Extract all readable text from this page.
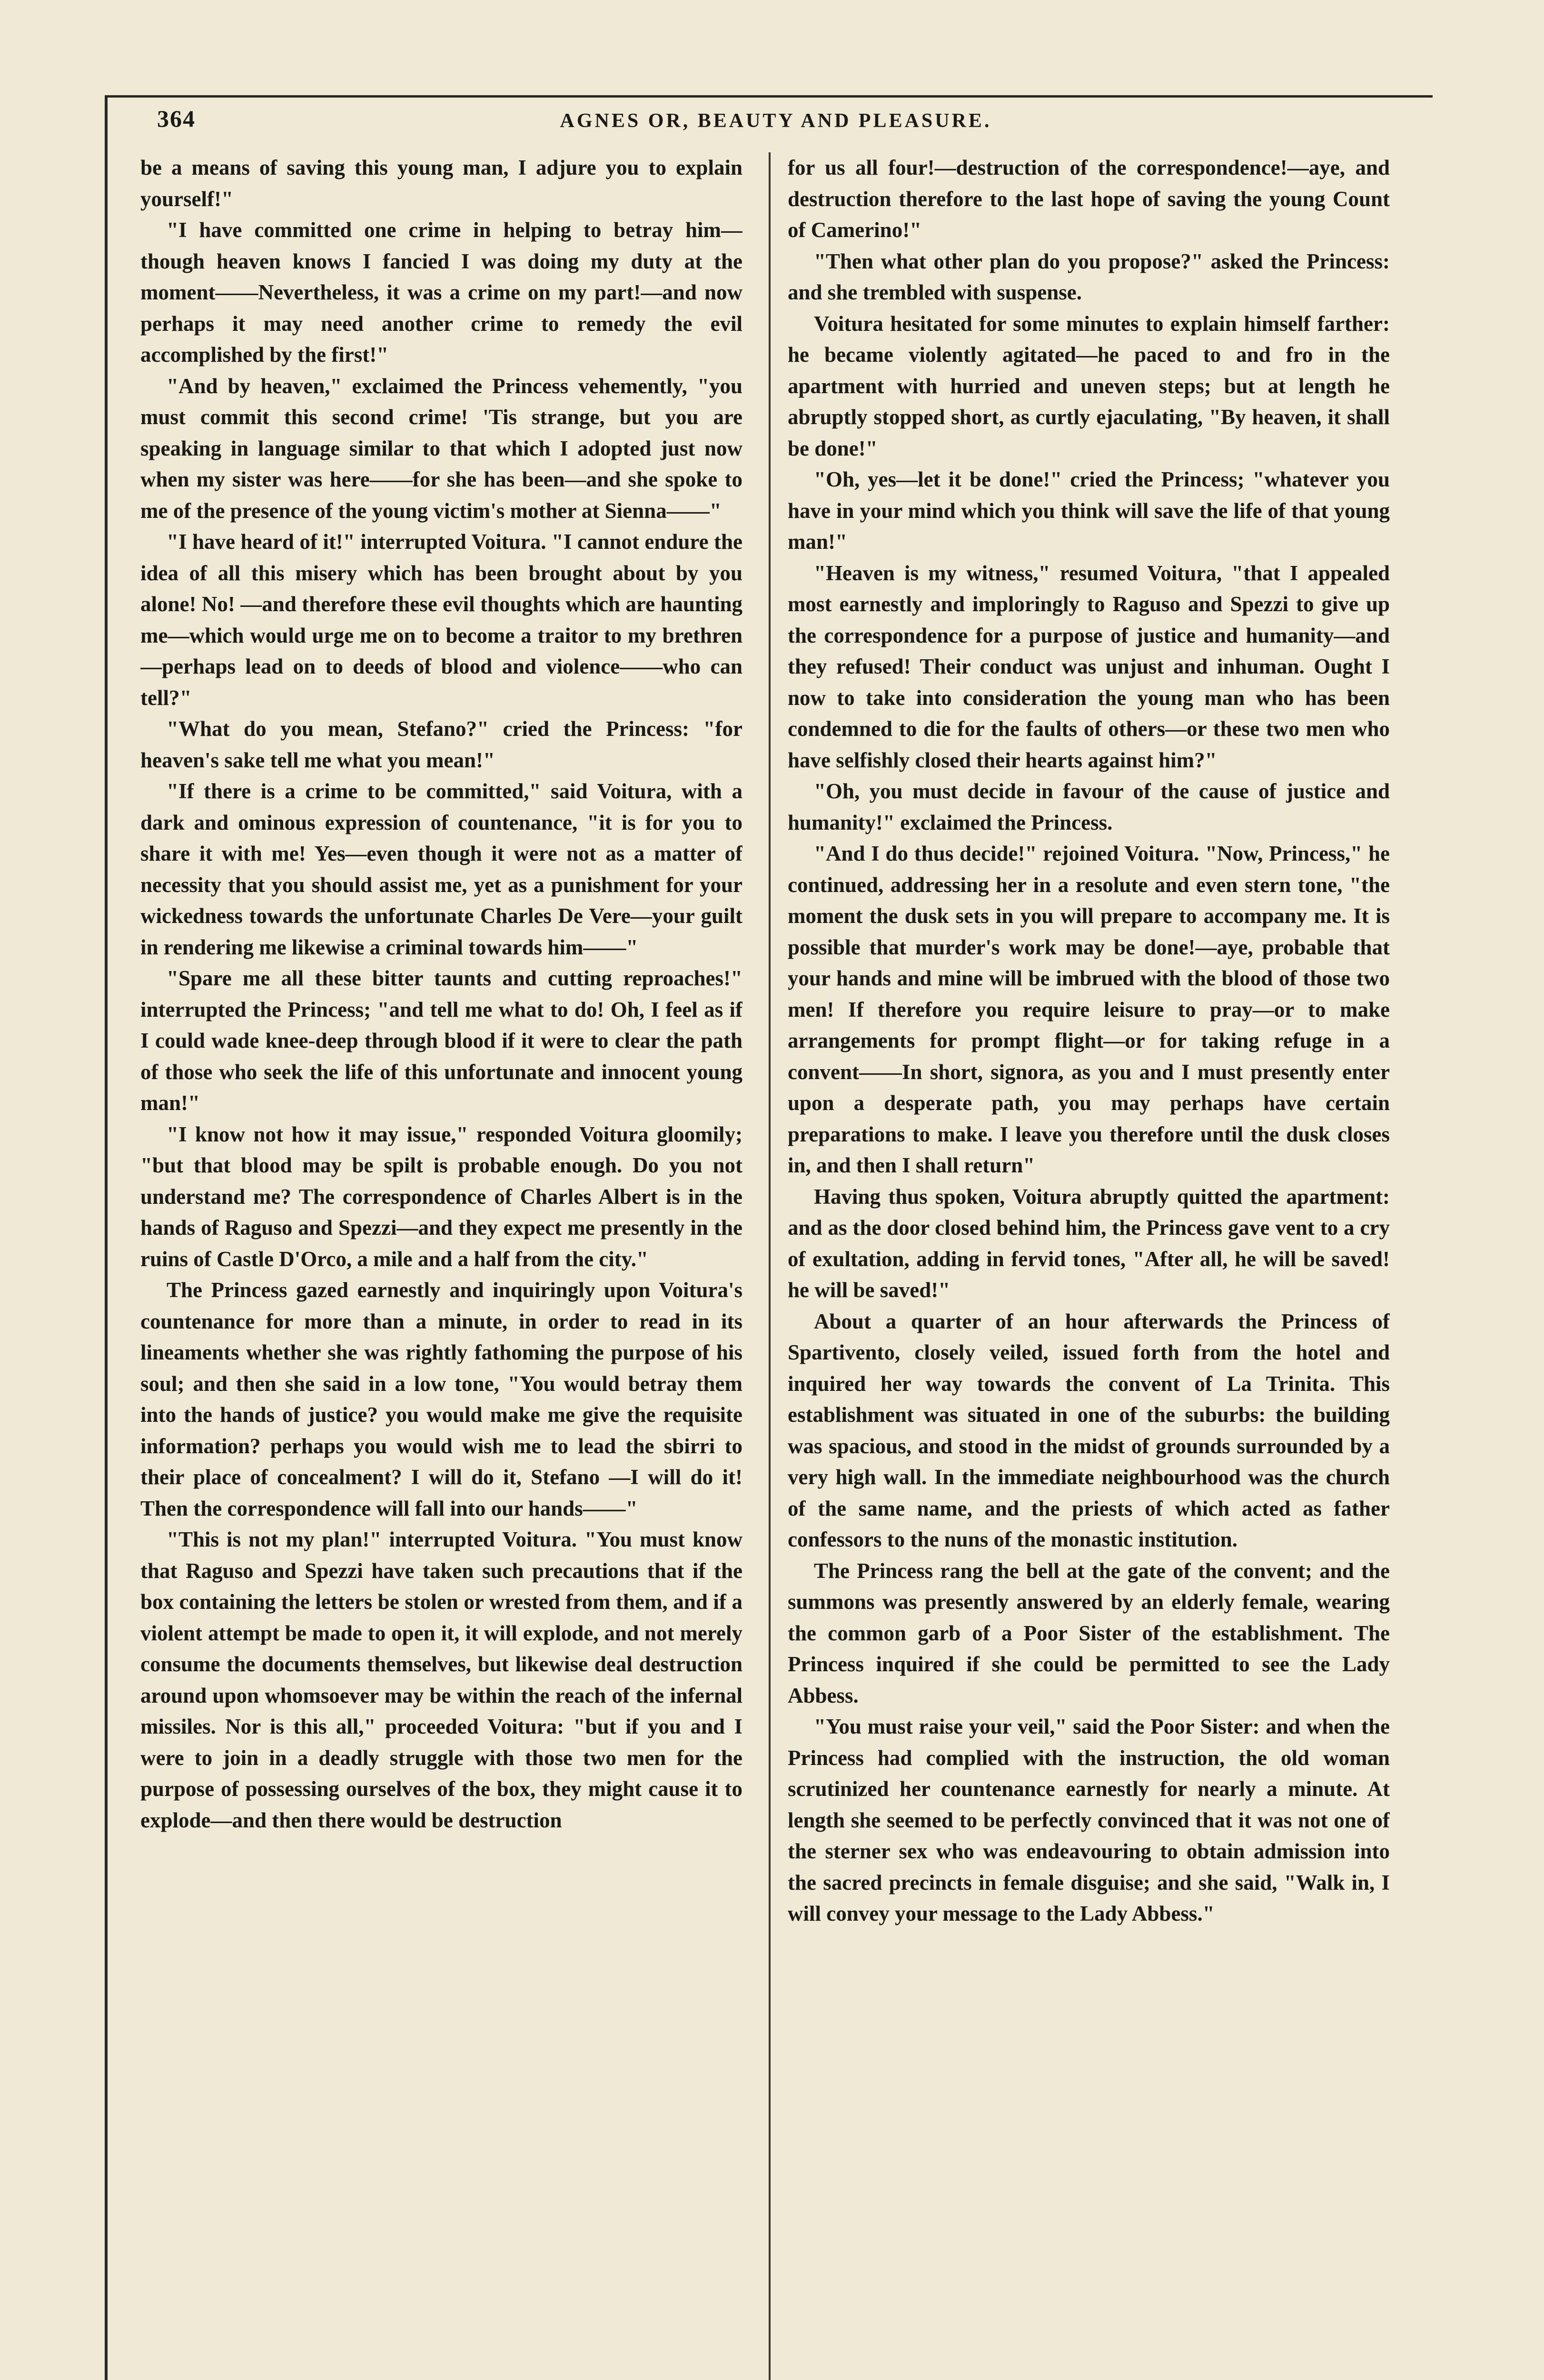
364	AGNES OR, BEAUTY AND PLEASURE.

be a means of saving this young man, I adjure you to explain yourself!"

"I have committed one crime in helping to betray him—though heaven knows I fancied I was doing my duty at the moment——Nevertheless, it was a crime on my part!—and now perhaps it may need another crime to remedy the evil accomplished by the first!"

"And by heaven," exclaimed the Princess vehemently, "you must commit this second crime! 'Tis strange, but you are speaking in language similar to that which I adopted just now when my sister was here——for she has been—and she spoke to me of the presence of the young victim's mother at Sienna——"

"I have heard of it!" interrupted Voitura. "I cannot endure the idea of all this misery which has been brought about by you alone! No! —and therefore these evil thoughts which are haunting me—which would urge me on to become a traitor to my brethren—perhaps lead on to deeds of blood and violence——who can tell?"

"What do you mean, Stefano?" cried the Princess: "for heaven's sake tell me what you mean!"

"If there is a crime to be committed," said Voitura, with a dark and ominous expression of countenance, "it is for you to share it with me! Yes—even though it were not as a matter of necessity that you should assist me, yet as a punishment for your wickedness towards the unfortunate Charles De Vere—your guilt in rendering me likewise a criminal towards him——"

"Spare me all these bitter taunts and cutting reproaches!" interrupted the Princess; "and tell me what to do! Oh, I feel as if I could wade knee-deep through blood if it were to clear the path of those who seek the life of this unfortunate and innocent young man!"

"I know not how it may issue," responded Voitura gloomily; "but that blood may be spilt is probable enough. Do you not understand me? The correspondence of Charles Albert is in the hands of Raguso and Spezzi—and they expect me presently in the ruins of Castle D'Orco, a mile and a half from the city."

The Princess gazed earnestly and inquiringly upon Voitura's countenance for more than a minute, in order to read in its lineaments whether she was rightly fathoming the purpose of his soul; and then she said in a low tone, "You would betray them into the hands of justice? you would make me give the requisite information? perhaps you would wish me to lead the sbirri to their place of concealment? I will do it, Stefano —I will do it! Then the correspondence will fall into our hands——"

"This is not my plan!" interrupted Voitura. "You must know that Raguso and Spezzi have taken such precautions that if the box containing the letters be stolen or wrested from them, and if a violent attempt be made to open it, it will explode, and not merely consume the documents themselves, but likewise deal destruction around upon whomsoever may be within the reach of the infernal missiles. Nor is this all," proceeded Voitura: "but if you and I were to join in a deadly struggle with those two men for the purpose of possessing ourselves of the box, they might cause it to explode—and then there would be destruction

for us all four!—destruction of the correspondence!—aye, and destruction therefore to the last hope of saving the young Count of Camerino!"

"Then what other plan do you propose?" asked the Princess: and she trembled with suspense.

Voitura hesitated for some minutes to explain himself farther: he became violently agitated—he paced to and fro in the apartment with hurried and uneven steps; but at length he abruptly stopped short, as curtly ejaculating, "By heaven, it shall be done!"

"Oh, yes—let it be done!" cried the Princess; "whatever you have in your mind which you think will save the life of that young man!"

"Heaven is my witness," resumed Voitura, "that I appealed most earnestly and imploringly to Raguso and Spezzi to give up the correspondence for a purpose of justice and humanity—and they refused! Their conduct was unjust and inhuman. Ought I now to take into consideration the young man who has been condemned to die for the faults of others—or these two men who have selfishly closed their hearts against him?"

"Oh, you must decide in favour of the cause of justice and humanity!" exclaimed the Princess.

"And I do thus decide!" rejoined Voitura. "Now, Princess," he continued, addressing her in a resolute and even stern tone, "the moment the dusk sets in you will prepare to accompany me. It is possible that murder's work may be done!—aye, probable that your hands and mine will be imbrued with the blood of those two men! If therefore you require leisure to pray—or to make arrangements for prompt flight—or for taking refuge in a convent——In short, signora, as you and I must presently enter upon a desperate path, you may perhaps have certain preparations to make. I leave you therefore until the dusk closes in, and then I shall return"

Having thus spoken, Voitura abruptly quitted the apartment: and as the door closed behind him, the Princess gave vent to a cry of exultation, adding in fervid tones, "After all, he will be saved! he will be saved!"

About a quarter of an hour afterwards the Princess of Spartivento, closely veiled, issued forth from the hotel and inquired her way towards the convent of La Trinita. This establishment was situated in one of the suburbs: the building was spacious, and stood in the midst of grounds surrounded by a very high wall. In the immediate neighbourhood was the church of the same name, and the priests of which acted as father confessors to the nuns of the monastic institution.

The Princess rang the bell at the gate of the convent; and the summons was presently answered by an elderly female, wearing the common garb of a Poor Sister of the establishment. The Princess inquired if she could be permitted to see the Lady Abbess.

"You must raise your veil," said the Poor Sister: and when the Princess had complied with the instruction, the old woman scrutinized her countenance earnestly for nearly a minute. At length she seemed to be perfectly convinced that it was not one of the sterner sex who was endeavouring to obtain admission into the sacred precincts in female disguise; and she said, "Walk in, I will convey your message to the Lady Abbess."
